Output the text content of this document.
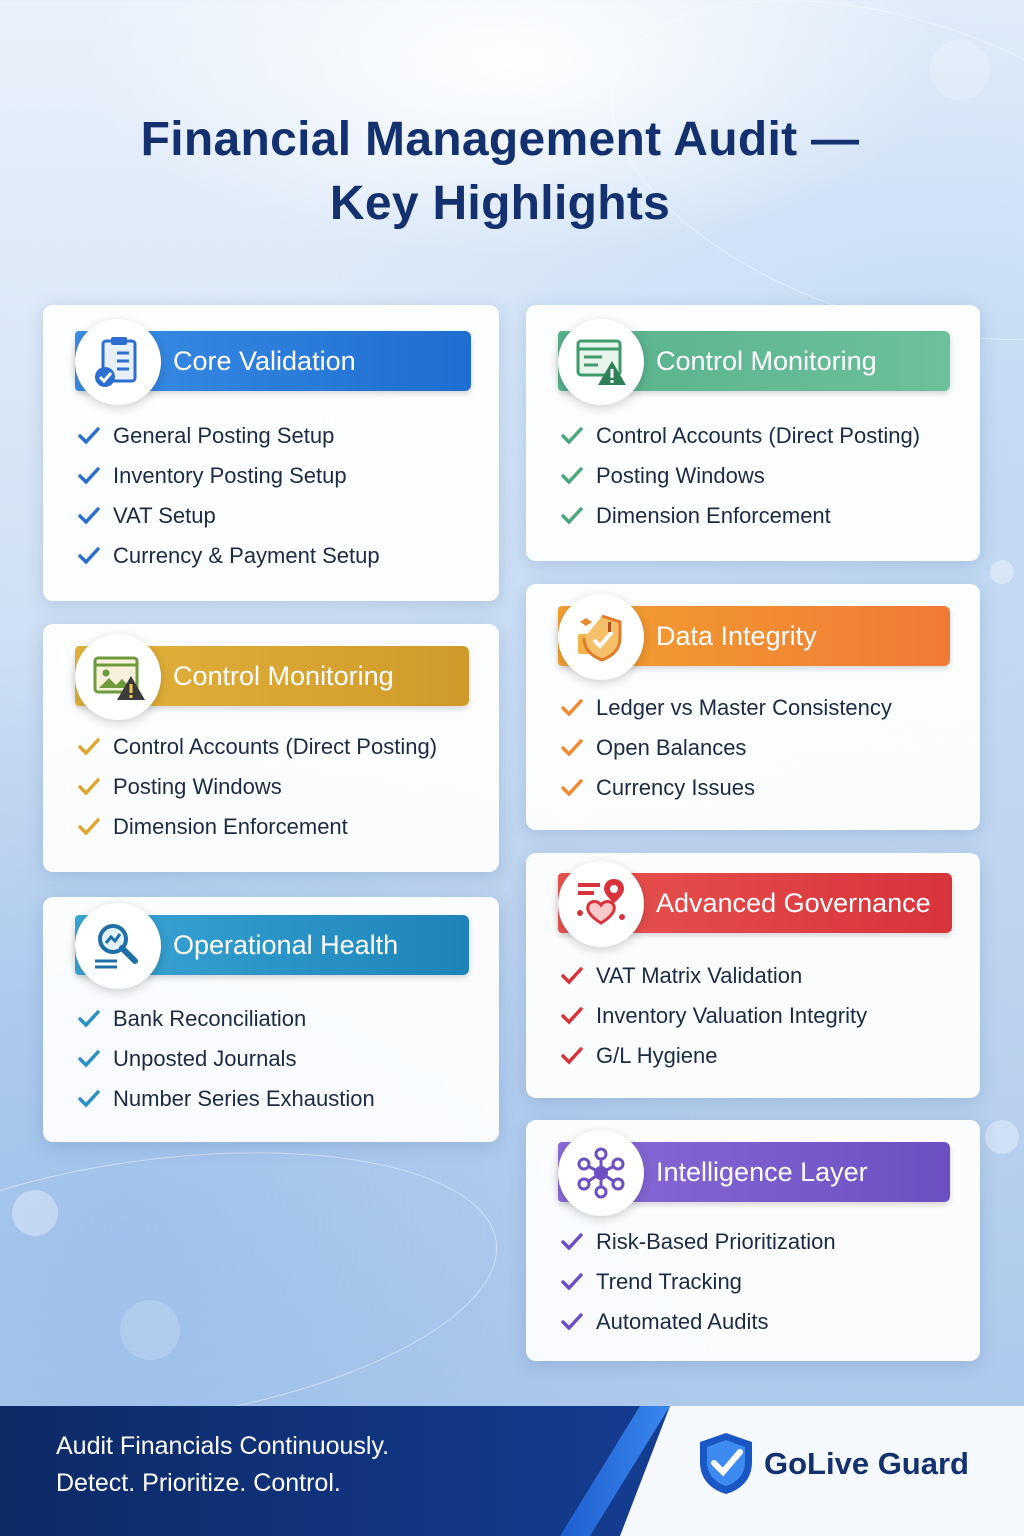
Financial Management Audit —
Key Highlights
Core Validation
General Posting Setup
Inventory Posting Setup
VAT Setup
Currency & Payment Setup
Control Monitoring
Control Accounts (Direct Posting)
Posting Windows
Dimension Enforcement
Control Monitoring
Control Accounts (Direct Posting)
Posting Windows
Dimension Enforcement
Data Integrity
Ledger vs Master Consistency
Open Balances
Currency Issues
Operational Health
Bank Reconciliation
Unposted Journals
Number Series Exhaustion
Advanced Governance
VAT Matrix Validation
Inventory Valuation Integrity
G/L Hygiene
Intelligence Layer
Risk-Based Prioritization
Trend Tracking
Automated Audits
Audit Financials Continuously.
Detect. Prioritize. Control.
GoLive Guard
